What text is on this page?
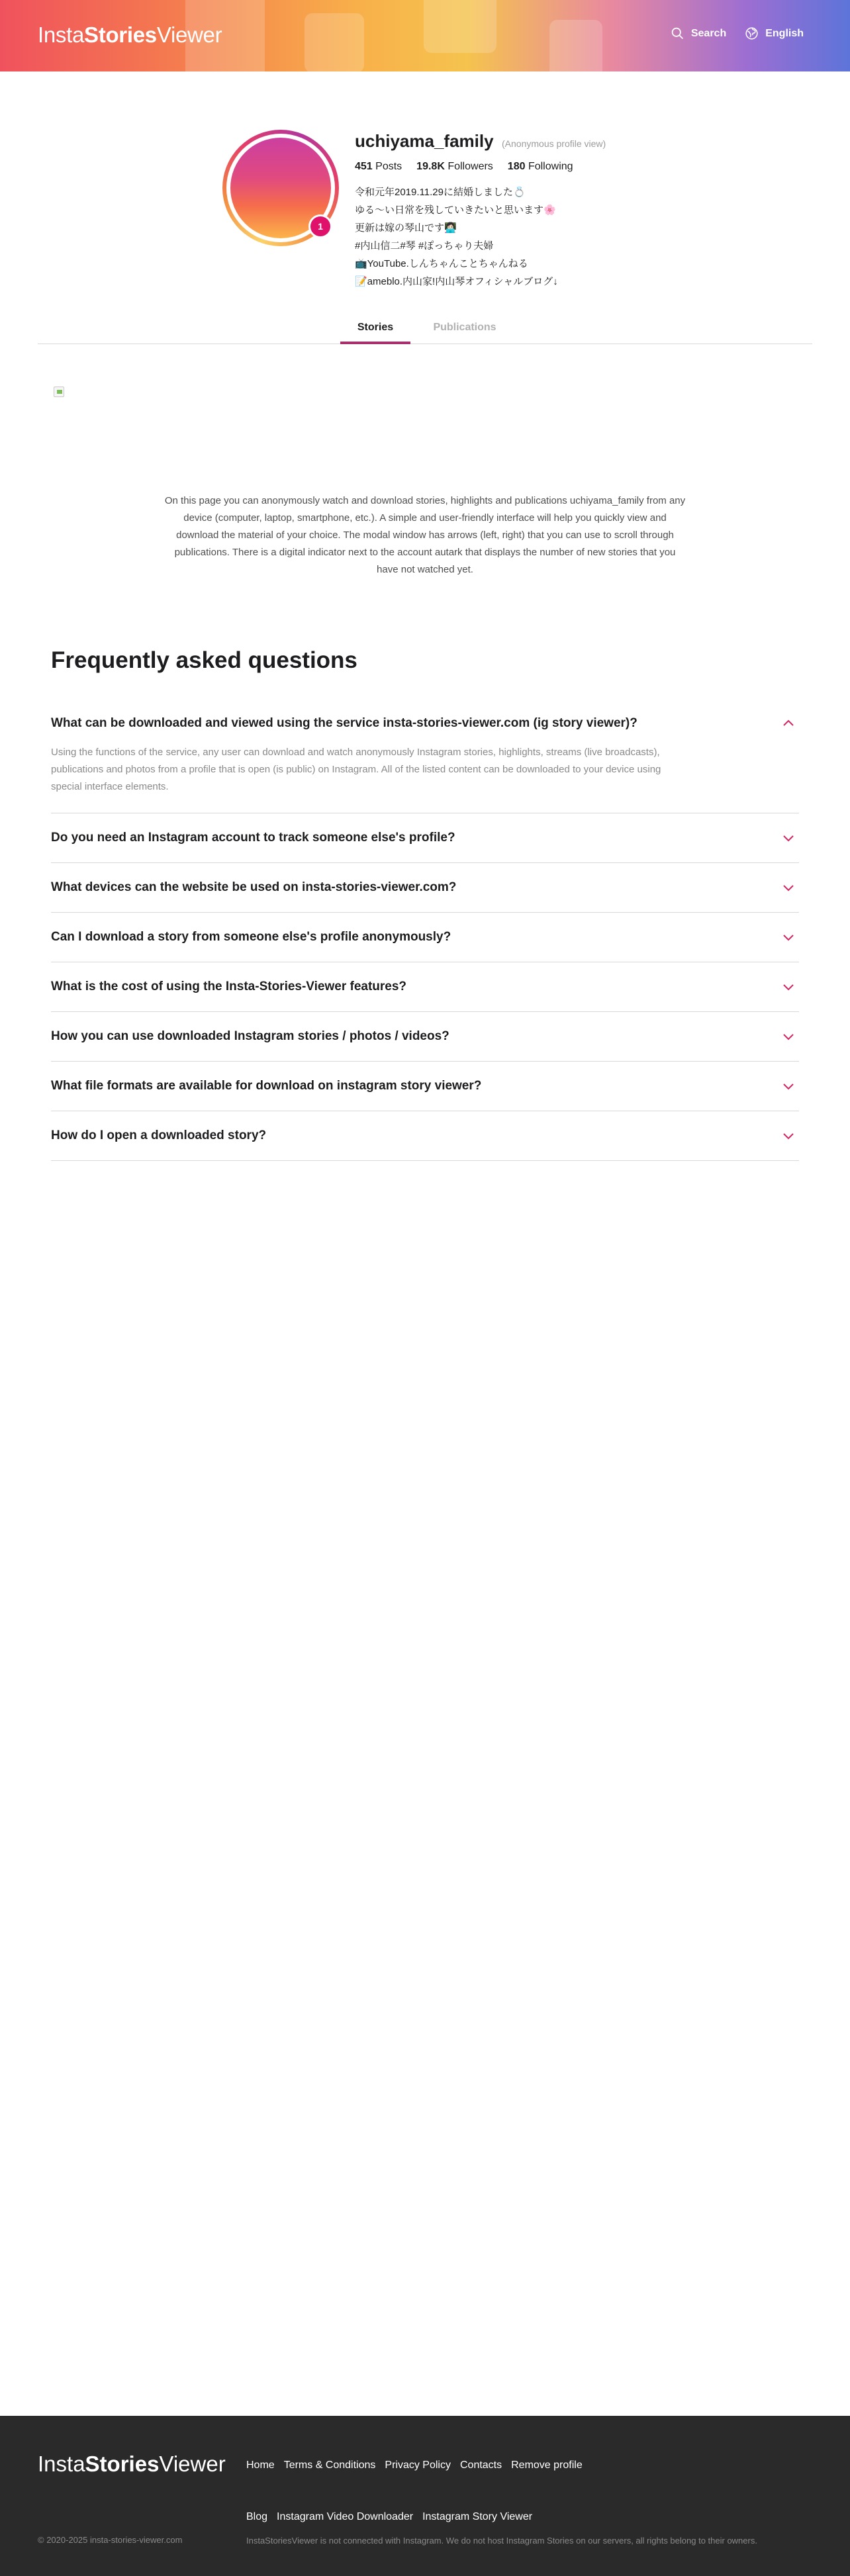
InstaStoriesViewer	Search	English
1
uchiyama_family (Anonymous profile view)
451 Posts 19.8K Followers 180 Following
令和元年2019.11.29に結婚しました💍
ゆる〜い日常を残していきたいと思います🌸
更新は嫁の琴山です👩🏻‍💻
#内山信二#琴 #ぽっちゃり夫婦
📺YouTube.しんちゃんことちゃんねる
📝ameblo.内山家!内山琴オフィシャルブログ↓
Stories	Publications
On this page you can anonymously watch and download stories, highlights and publications uchiyama_family from any device (computer, laptop, smartphone, etc.). A simple and user-friendly interface will help you quickly view and download the material of your choice. The modal window has arrows (left, right) that you can use to scroll through publications. There is a digital indicator next to the account autark that displays the number of new stories that you have not watched yet.
Frequently asked questions
What can be downloaded and viewed using the service insta-stories-viewer.com (ig story viewer)?
Using the functions of the service, any user can download and watch anonymously Instagram stories, highlights, streams (live broadcasts), publications and photos from a profile that is open (is public) on Instagram. All of the listed content can be downloaded to your device using special interface elements.
Do you need an Instagram account to track someone else's profile?
What devices can the website be used on insta-stories-viewer.com?
Can I download a story from someone else's profile anonymously?
What is the cost of using the Insta-Stories-Viewer features?
How you can use downloaded Instagram stories / photos / videos?
What file formats are available for download on instagram story viewer?
How do I open a downloaded story?
InstaStoriesViewer Home Terms & Conditions Privacy Policy Contacts Remove profile
Blog Instagram Video Downloader Instagram Story Viewer
© 2020-2025 insta-stories-viewer.com	InstaStoriesViewer is not connected with Instagram. We do not host Instagram Stories on our servers, all rights belong to their owners.
